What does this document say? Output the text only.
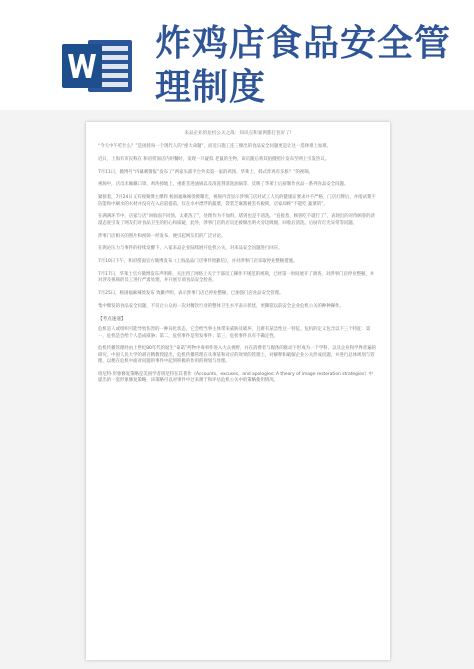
炸鸡店食品安全管
理制度
来品企业的危机公关之战：知识点和案例都打包好了!

“今天中午吃什么？”是困扰每一个现代人的“重大命题”，而近日施工连三爆出的食品安全问题更是让这一选择难上加难。

近日，上海有市民称在 和府捞面店内用餐时，发现一只疑似 老鼠的生物，该员随后将其拍摄照片发布至网上引发热议。

7月11日，微博号“内幕刺猬报”发布了“两家头部平台外卖第一家的鸡汤、华莱士、韩式炸鸡有多脏？”的视频。

视频中，店员未佩戴口罩、鸡块掉地上，重新丢进油锅以及清洗剂清洗油锅等，反映了华莱士后厨制作食品一系列食品安全问题。

紧接着，7月24日又有视频博主爆料 杨国福麻辣烫被曝光，视频内容显示涉事门店对试工人员的健康证要求并不严格，门店灯牌后，并指试菜不洁能和中刷水的水材并没有在入店前提前，仅在水中漂浮的蔬菜，袋装芝麻酱被丢弃板锁，店家却称“不能吃 蔬菜的”。

在满满环节中，店家与店“回收面不同汤，太难洗了”，处理作为不加料，堵到也是不清洗。“直接煮，顾客吃不就行了”，表现出的对待顾客的淡漠态度引发了网友们对食品卫生的担心和质疑，此外，涉事门店的店员还被爆出明火旁边吸烟，回收后清洗、后厨有灯光异常等问题。

涉事门店相关的照片和视频一经发布，便引起网友们的广泛讨论。

在舆论压力与事件的持续发酵下，八家来品企业陆续展开危机公关，对来品安全问题进行回应。

7月10日下午，和府捞面官方微博发布《上海晶品门店事件致歉信》，并对涉事门店采取停业整顿措施。

7月17日，华莱士官方微博发布声明称，关注到了网络上关于于部员工操作不规范的视频，已经第一时间展开了调查，对涉事门店停业整顿，并对涉及视频的员工进行严肃处理，并开展专项食品安全检查。

7月25日，杨国福麻辣烫发布 致歉声明，表示涉事门店已停业整顿，已加强门店食品安全管理。

集中爆发的食品安全问题，不仅让公众再一次对餐饮行业的整体卫生水平表示担忧，更撕裂以前安全企业危机公关的种种操作。

【考点速递】

危机是人或组织可能导致伤害的一种异化状态，它会给当事主体带来威胁及破坏，且难有某急性这一特征。危机的定义包含以下三个特征：第一，危机是会给个人造成威胁；第二，危机事件是突发事件；第三，危机事件具有不确定性。

危机传播管理经由上世纪80年代的诞生“泰诺”药物中毒事件进入大众视野，并在消费者与媒体的推动下形成为一个学科，以及企业和学界普遍的研究，中国人民大学的胡百精教授提出，危机传播管理在从事某和对应的效果的管理上，对解释和破解企业公关形成问题，并进行总体规划与管理，以便在危机中面对问题的事件中起到积极的作用的规划与处理。

班尼特·形象修复策略是美国学者班尼特在其著作《Accounts、excuses、and apologies: A theory of image restoration strategies》中提出的一套形象修复策略，该策略可以对事件中过来源于和评估危机公关中的策略使用情况。
